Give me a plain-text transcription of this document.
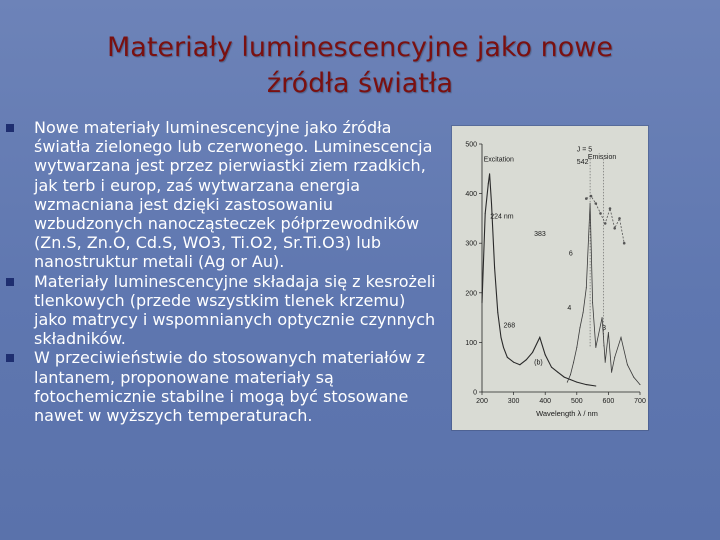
Materiały luminescencyjne jako nowe
źródła światła
Nowe materiały luminescencyjne jako źródła światła zielonego lub czerwonego. Luminescencja wytwarzana jest przez pierwiastki ziem rzadkich, jak terb i europ, zaś wytwarzana energia wzmacniana jest dzięki zastosowaniu wzbudzonych nanocząsteczek półprzewodników (Zn.S, Zn.O, Cd.S, WO3, Ti.O2, Sr.Ti.O3) lub nanostruktur metali (Ag or Au).
Materiały luminescencyjne składaja się z kesrożeli tlenkowych (przede wszystkim tlenek krzemu) jako matrycy i wspomnianych optycznie czynnych składników.
W przeciwieństwie do stosowanych materiałów z lantanem, proponowane materiały są fotochemicznie stabilne i mogą być stosowane nawet w wyższych temperaturach.
200	300	400	500	600	700
0
100
200
300
400
500
Wavelength λ / nm
Excitation	Emission
J = 5
542
224 nm
383
6
4
3
268
(b)
